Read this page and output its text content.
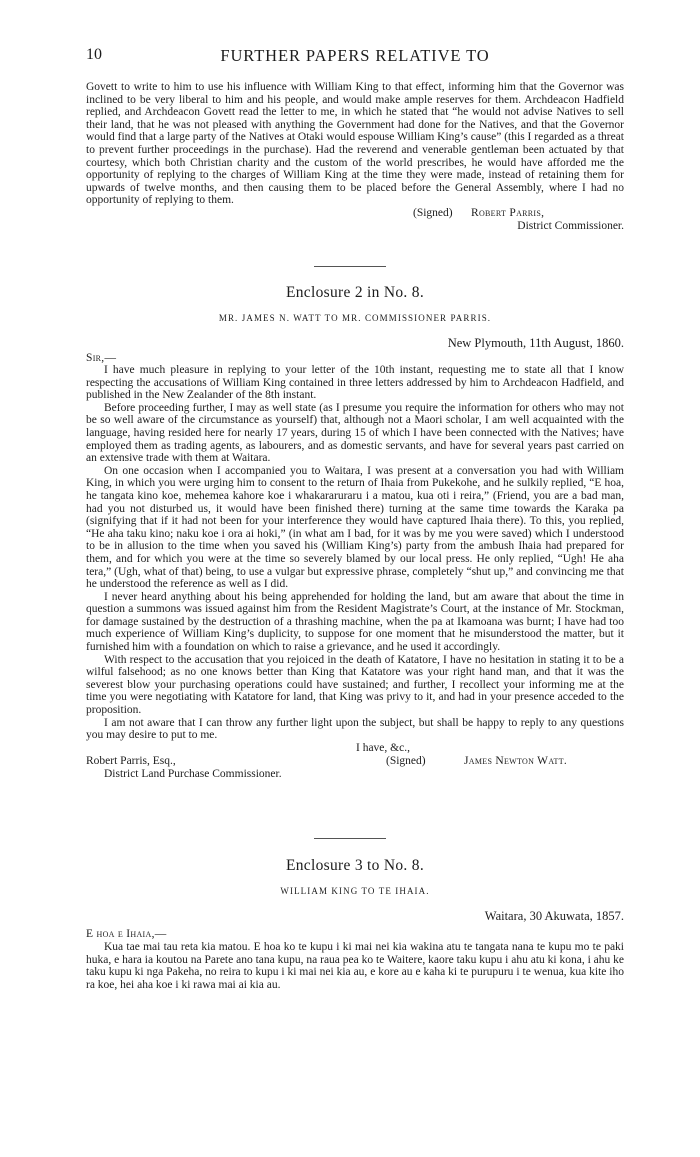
10	FURTHER PAPERS RELATIVE TO

Govett to write to him to use his influence with William King to that effect, informing him that the Governor was inclined to be very liberal to him and his people, and would make ample reserves for them. Archdeacon Hadfield replied, and Archdeacon Govett read the letter to me, in which he stated that “he would not advise Natives to sell their land, that he was not pleased with anything the Government had done for the Natives, and that the Governor would find that a large party of the Natives at Otaki would espouse William King’s cause” (this I regarded as a threat to prevent further proceedings in the purchase). Had the reverend and venerable gentleman been actuated by that courtesy, which both Christian charity and the custom of the world prescribes, he would have afforded me the opportunity of replying to the charges of William King at the time they were made, instead of retaining them for upwards of twelve months, and then causing them to be placed before the General Assembly, where I had no opportunity of replying to them.

(Signed) Robert Parris,
District Commissioner.
Enclosure 2 in No. 8.
MR. JAMES N. WATT TO MR. COMMISSIONER PARRIS.
New Plymouth, 11th August, 1860.
Sir,—

I have much pleasure in replying to your letter of the 10th instant, requesting me to state all that I know respecting the accusations of William King contained in three letters addressed by him to Archdeacon Hadfield, and published in the New Zealander of the 8th instant.

Before proceeding further, I may as well state (as I presume you require the information for others who may not be so well aware of the circumstance as yourself) that, although not a Maori scholar, I am well acquainted with the language, having resided here for nearly 17 years, during 15 of which I have been connected with the Natives; have employed them as trading agents, as labourers, and as domestic servants, and have for several years past carried on an extensive trade with them at Waitara.

On one occasion when I accompanied you to Waitara, I was present at a conversation you had with William King, in which you were urging him to consent to the return of Ihaia from Pukekohe, and he sulkily replied, “E hoa, he tangata kino koe, mehemea kahore koe i whakararuraru i a matou, kua oti i reira,” (Friend, you are a bad man, had you not disturbed us, it would have been finished there) turning at the same time towards the Karaka pa (signifying that if it had not been for your interference they would have captured Ihaia there). To this, you replied, “He aha taku kino; naku koe i ora ai hoki,” (in what am I bad, for it was by me you were saved) which I understood to be in allusion to the time when you saved his (William King’s) party from the ambush Ihaia had prepared for them, and for which you were at the time so severely blamed by our local press. He only replied, “Ugh! He aha tera,” (Ugh, what of that) being, to use a vulgar but expressive phrase, completely “shut up,” and convincing me that he understood the reference as well as I did.

I never heard anything about his being apprehended for holding the land, but am aware that about the time in question a summons was issued against him from the Resident Magistrate’s Court, at the instance of Mr. Stockman, for damage sustained by the destruction of a thrashing machine, when the pa at Ikamoana was burnt; I have had too much experience of William King’s duplicity, to suppose for one moment that he misunderstood the matter, but it furnished him with a foundation on which to raise a grievance, and he used it accordingly.

With respect to the accusation that you rejoiced in the death of Katatore, I have no hesitation in stating it to be a wilful falsehood; as no one knows better than King that Katatore was your right hand man, and that it was the severest blow your purchasing operations could have sustained; and further, I recollect your informing me at the time you were negotiating with Katatore for land, that King was privy to it, and had in your presence acceded to the proposition.

I am not aware that I can throw any further light upon the subject, but shall be happy to reply to any questions you may desire to put to me.

I have, &c.,
Robert Parris, Esq.,	(Signed)	James Newton Watt.
District Land Purchase Commissioner.
Enclosure 3 to No. 8.
WILLIAM KING TO TE IHAIA.
Waitara, 30 Akuwata, 1857.
E hoa e Ihaia,—

Kua tae mai tau reta kia matou. E hoa ko te kupu i ki mai nei kia wakina atu te tangata nana te kupu mo te paki huka, e hara ia koutou na Parete ano tana kupu, na raua pea ko te Waitere, kaore taku kupu i ahu atu ki kona, i ahu ke taku kupu ki nga Pakeha, no reira to kupu i ki mai nei kia au, e kore au e kaha ki te purupuru i te wenua, kua kite iho ra koe, hei aha koe i ki rawa mai ai kia au.
